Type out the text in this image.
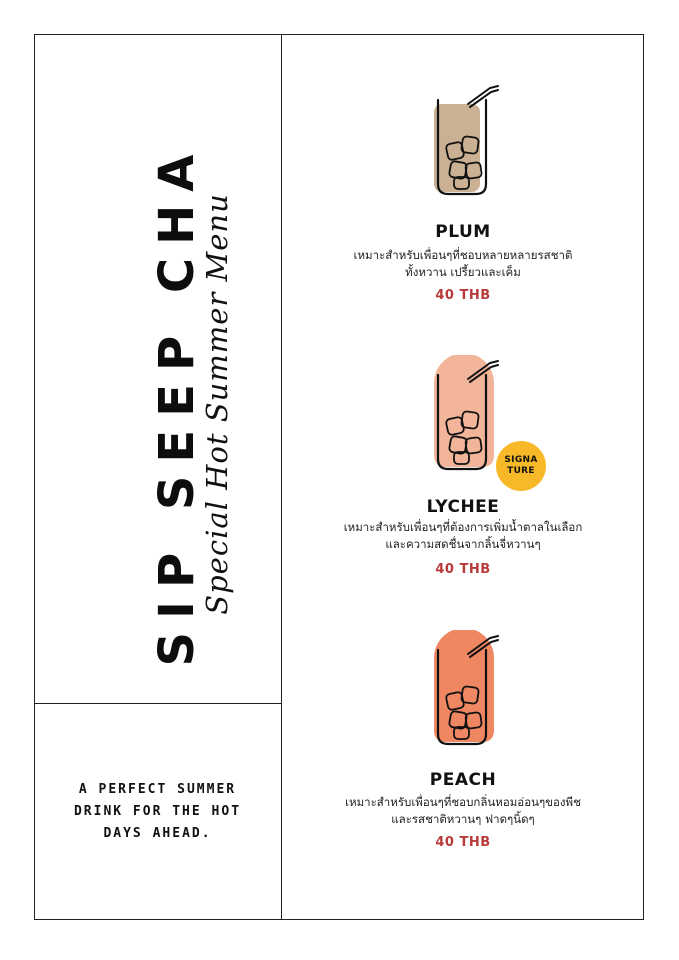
SIP SEEP CHA
Special Hot Summer Menu
A PERFECT SUMMER
DRINK FOR THE HOT
DAYS AHEAD.
PLUM
เหมาะสำหรับเพื่อนๆที่ชอบหลายหลายรสชาติ
ทั้งหวาน เปรี้ยวและเค็ม
40 THB
SIGNA
TURE
LYCHEE
เหมาะสำหรับเพื่อนๆที่ต้องการเพิ่มน้ำตาลในเลือก
และความสดชื่นจากลิ้นจี่หวานๆ
40 THB
PEACH
เหมาะสำหรับเพื่อนๆที่ชอบกลิ่นหอมอ่อนๆของพีช
และรสชาติหวานๆ ฟาดๆนิ้ดๆ
40 THB
